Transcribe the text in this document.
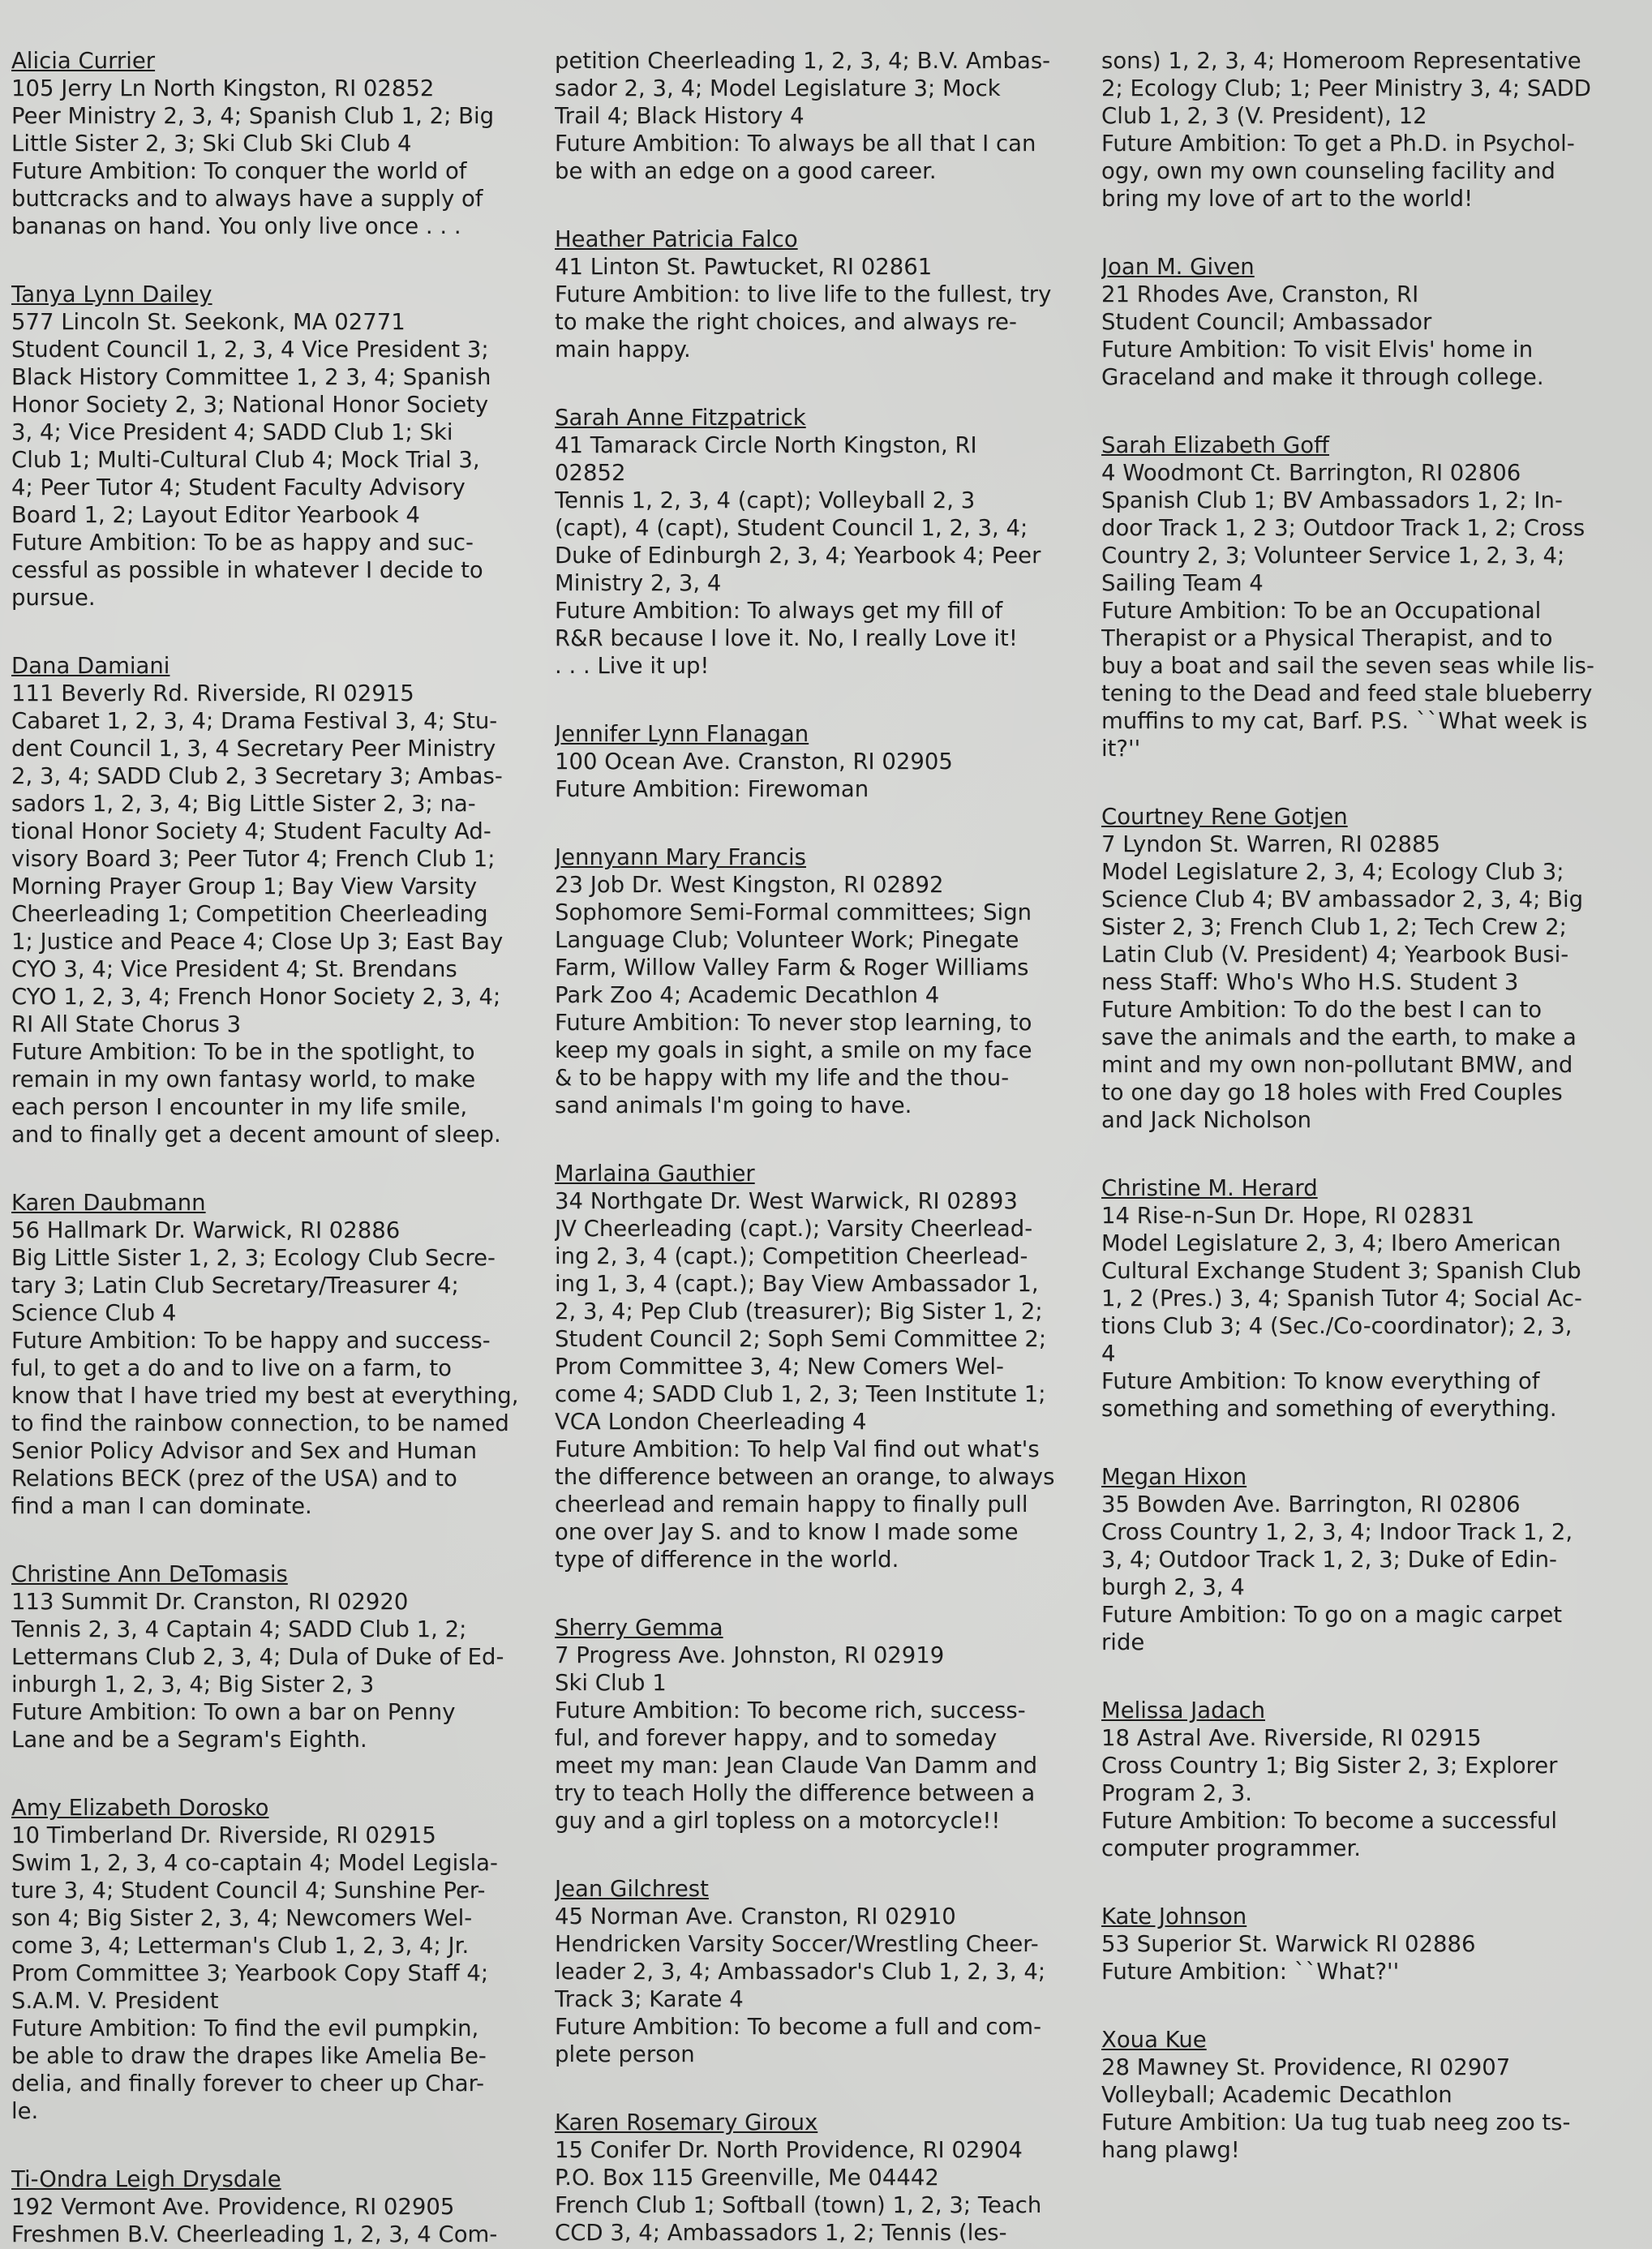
Alicia Currier
105 Jerry Ln North Kingston, RI 02852
Peer Ministry 2, 3, 4; Spanish Club 1, 2; Big
Little Sister 2, 3; Ski Club Ski Club 4
Future Ambition: To conquer the world of
buttcracks and to always have a supply of
bananas on hand. You only live once . . .
Tanya Lynn Dailey
577 Lincoln St. Seekonk, MA 02771
Student Council 1, 2, 3, 4 Vice President 3;
Black History Committee 1, 2 3, 4; Spanish
Honor Society 2, 3; National Honor Society
3, 4; Vice President 4; SADD Club 1; Ski
Club 1; Multi-Cultural Club 4; Mock Trial 3,
4; Peer Tutor 4; Student Faculty Advisory
Board 1, 2; Layout Editor Yearbook 4
Future Ambition: To be as happy and suc-
cessful as possible in whatever I decide to
pursue.
Dana Damiani
111 Beverly Rd. Riverside, RI 02915
Cabaret 1, 2, 3, 4; Drama Festival 3, 4; Stu-
dent Council 1, 3, 4 Secretary Peer Ministry
2, 3, 4; SADD Club 2, 3 Secretary 3; Ambas-
sadors 1, 2, 3, 4; Big Little Sister 2, 3; na-
tional Honor Society 4; Student Faculty Ad-
visory Board 3; Peer Tutor 4; French Club 1;
Morning Prayer Group 1; Bay View Varsity
Cheerleading 1; Competition Cheerleading
1; Justice and Peace 4; Close Up 3; East Bay
CYO 3, 4; Vice President 4; St. Brendans
CYO 1, 2, 3, 4; French Honor Society 2, 3, 4;
RI All State Chorus 3
Future Ambition: To be in the spotlight, to
remain in my own fantasy world, to make
each person I encounter in my life smile,
and to finally get a decent amount of sleep.
Karen Daubmann
56 Hallmark Dr. Warwick, RI 02886
Big Little Sister 1, 2, 3; Ecology Club Secre-
tary 3; Latin Club Secretary/Treasurer 4;
Science Club 4
Future Ambition: To be happy and success-
ful, to get a do and to live on a farm, to
know that I have tried my best at everything,
to find the rainbow connection, to be named
Senior Policy Advisor and Sex and Human
Relations BECK (prez of the USA) and to
find a man I can dominate.
Christine Ann DeTomasis
113 Summit Dr. Cranston, RI 02920
Tennis 2, 3, 4 Captain 4; SADD Club 1, 2;
Lettermans Club 2, 3, 4; Dula of Duke of Ed-
inburgh 1, 2, 3, 4; Big Sister 2, 3
Future Ambition: To own a bar on Penny
Lane and be a Segram's Eighth.
Amy Elizabeth Dorosko
10 Timberland Dr. Riverside, RI 02915
Swim 1, 2, 3, 4 co-captain 4; Model Legisla-
ture 3, 4; Student Council 4; Sunshine Per-
son 4; Big Sister 2, 3, 4; Newcomers Wel-
come 3, 4; Letterman's Club 1, 2, 3, 4; Jr.
Prom Committee 3; Yearbook Copy Staff 4;
S.A.M. V. President
Future Ambition: To find the evil pumpkin,
be able to draw the drapes like Amelia Be-
delia, and finally forever to cheer up Char-
le.
Ti-Ondra Leigh Drysdale
192 Vermont Ave. Providence, RI 02905
Freshmen B.V. Cheerleading 1, 2, 3, 4 Com-
petition Cheerleading 1, 2, 3, 4; B.V. Ambas-
sador 2, 3, 4; Model Legislature 3; Mock
Trail 4; Black History 4
Future Ambition: To always be all that I can
be with an edge on a good career.
Heather Patricia Falco
41 Linton St. Pawtucket, RI 02861
Future Ambition: to live life to the fullest, try
to make the right choices, and always re-
main happy.
Sarah Anne Fitzpatrick
41 Tamarack Circle North Kingston, RI
02852
Tennis 1, 2, 3, 4 (capt); Volleyball 2, 3
(capt), 4 (capt), Student Council 1, 2, 3, 4;
Duke of Edinburgh 2, 3, 4; Yearbook 4; Peer
Ministry 2, 3, 4
Future Ambition: To always get my fill of
R&R because I love it. No, I really Love it!
. . . Live it up!
Jennifer Lynn Flanagan
100 Ocean Ave. Cranston, RI 02905
Future Ambition: Firewoman
Jennyann Mary Francis
23 Job Dr. West Kingston, RI 02892
Sophomore Semi-Formal committees; Sign
Language Club; Volunteer Work; Pinegate
Farm, Willow Valley Farm & Roger Williams
Park Zoo 4; Academic Decathlon 4
Future Ambition: To never stop learning, to
keep my goals in sight, a smile on my face
& to be happy with my life and the thou-
sand animals I'm going to have.
Marlaina Gauthier
34 Northgate Dr. West Warwick, RI 02893
JV Cheerleading (capt.); Varsity Cheerlead-
ing 2, 3, 4 (capt.); Competition Cheerlead-
ing 1, 3, 4 (capt.); Bay View Ambassador 1,
2, 3, 4; Pep Club (treasurer); Big Sister 1, 2;
Student Council 2; Soph Semi Committee 2;
Prom Committee 3, 4; New Comers Wel-
come 4; SADD Club 1, 2, 3; Teen Institute 1;
VCA London Cheerleading 4
Future Ambition: To help Val find out what's
the difference between an orange, to always
cheerlead and remain happy to finally pull
one over Jay S. and to know I made some
type of difference in the world.
Sherry Gemma
7 Progress Ave. Johnston, RI 02919
Ski Club 1
Future Ambition: To become rich, success-
ful, and forever happy, and to someday
meet my man: Jean Claude Van Damm and
try to teach Holly the difference between a
guy and a girl topless on a motorcycle!!
Jean Gilchrest
45 Norman Ave. Cranston, RI 02910
Hendricken Varsity Soccer/Wrestling Cheer-
leader 2, 3, 4; Ambassador's Club 1, 2, 3, 4;
Track 3; Karate 4
Future Ambition: To become a full and com-
plete person
Karen Rosemary Giroux
15 Conifer Dr. North Providence, RI 02904
P.O. Box 115 Greenville, Me 04442
French Club 1; Softball (town) 1, 2, 3; Teach
CCD 3, 4; Ambassadors 1, 2; Tennis (les-
sons) 1, 2, 3, 4; Homeroom Representative
2; Ecology Club; 1; Peer Ministry 3, 4; SADD
Club 1, 2, 3 (V. President), 12
Future Ambition: To get a Ph.D. in Psychol-
ogy, own my own counseling facility and
bring my love of art to the world!
Joan M. Given
21 Rhodes Ave, Cranston, RI
Student Council; Ambassador
Future Ambition: To visit Elvis' home in
Graceland and make it through college.
Sarah Elizabeth Goff
4 Woodmont Ct. Barrington, RI 02806
Spanish Club 1; BV Ambassadors 1, 2; In-
door Track 1, 2 3; Outdoor Track 1, 2; Cross
Country 2, 3; Volunteer Service 1, 2, 3, 4;
Sailing Team 4
Future Ambition: To be an Occupational
Therapist or a Physical Therapist, and to
buy a boat and sail the seven seas while lis-
tening to the Dead and feed stale blueberry
muffins to my cat, Barf. P.S. ``What week is
it?''
Courtney Rene Gotjen
7 Lyndon St. Warren, RI 02885
Model Legislature 2, 3, 4; Ecology Club 3;
Science Club 4; BV ambassador 2, 3, 4; Big
Sister 2, 3; French Club 1, 2; Tech Crew 2;
Latin Club (V. President) 4; Yearbook Busi-
ness Staff: Who's Who H.S. Student 3
Future Ambition: To do the best I can to
save the animals and the earth, to make a
mint and my own non-pollutant BMW, and
to one day go 18 holes with Fred Couples
and Jack Nicholson
Christine M. Herard
14 Rise-n-Sun Dr. Hope, RI 02831
Model Legislature 2, 3, 4; Ibero American
Cultural Exchange Student 3; Spanish Club
1, 2 (Pres.) 3, 4; Spanish Tutor 4; Social Ac-
tions Club 3; 4 (Sec./Co-coordinator); 2, 3,
4
Future Ambition: To know everything of
something and something of everything.
Megan Hixon
35 Bowden Ave. Barrington, RI 02806
Cross Country 1, 2, 3, 4; Indoor Track 1, 2,
3, 4; Outdoor Track 1, 2, 3; Duke of Edin-
burgh 2, 3, 4
Future Ambition: To go on a magic carpet
ride
Melissa Jadach
18 Astral Ave. Riverside, RI 02915
Cross Country 1; Big Sister 2, 3; Explorer
Program 2, 3.
Future Ambition: To become a successful
computer programmer.
Kate Johnson
53 Superior St. Warwick RI 02886
Future Ambition: ``What?''
Xoua Kue
28 Mawney St. Providence, RI 02907
Volleyball; Academic Decathlon
Future Ambition: Ua tug tuab neeg zoo ts-
hang plawg!
